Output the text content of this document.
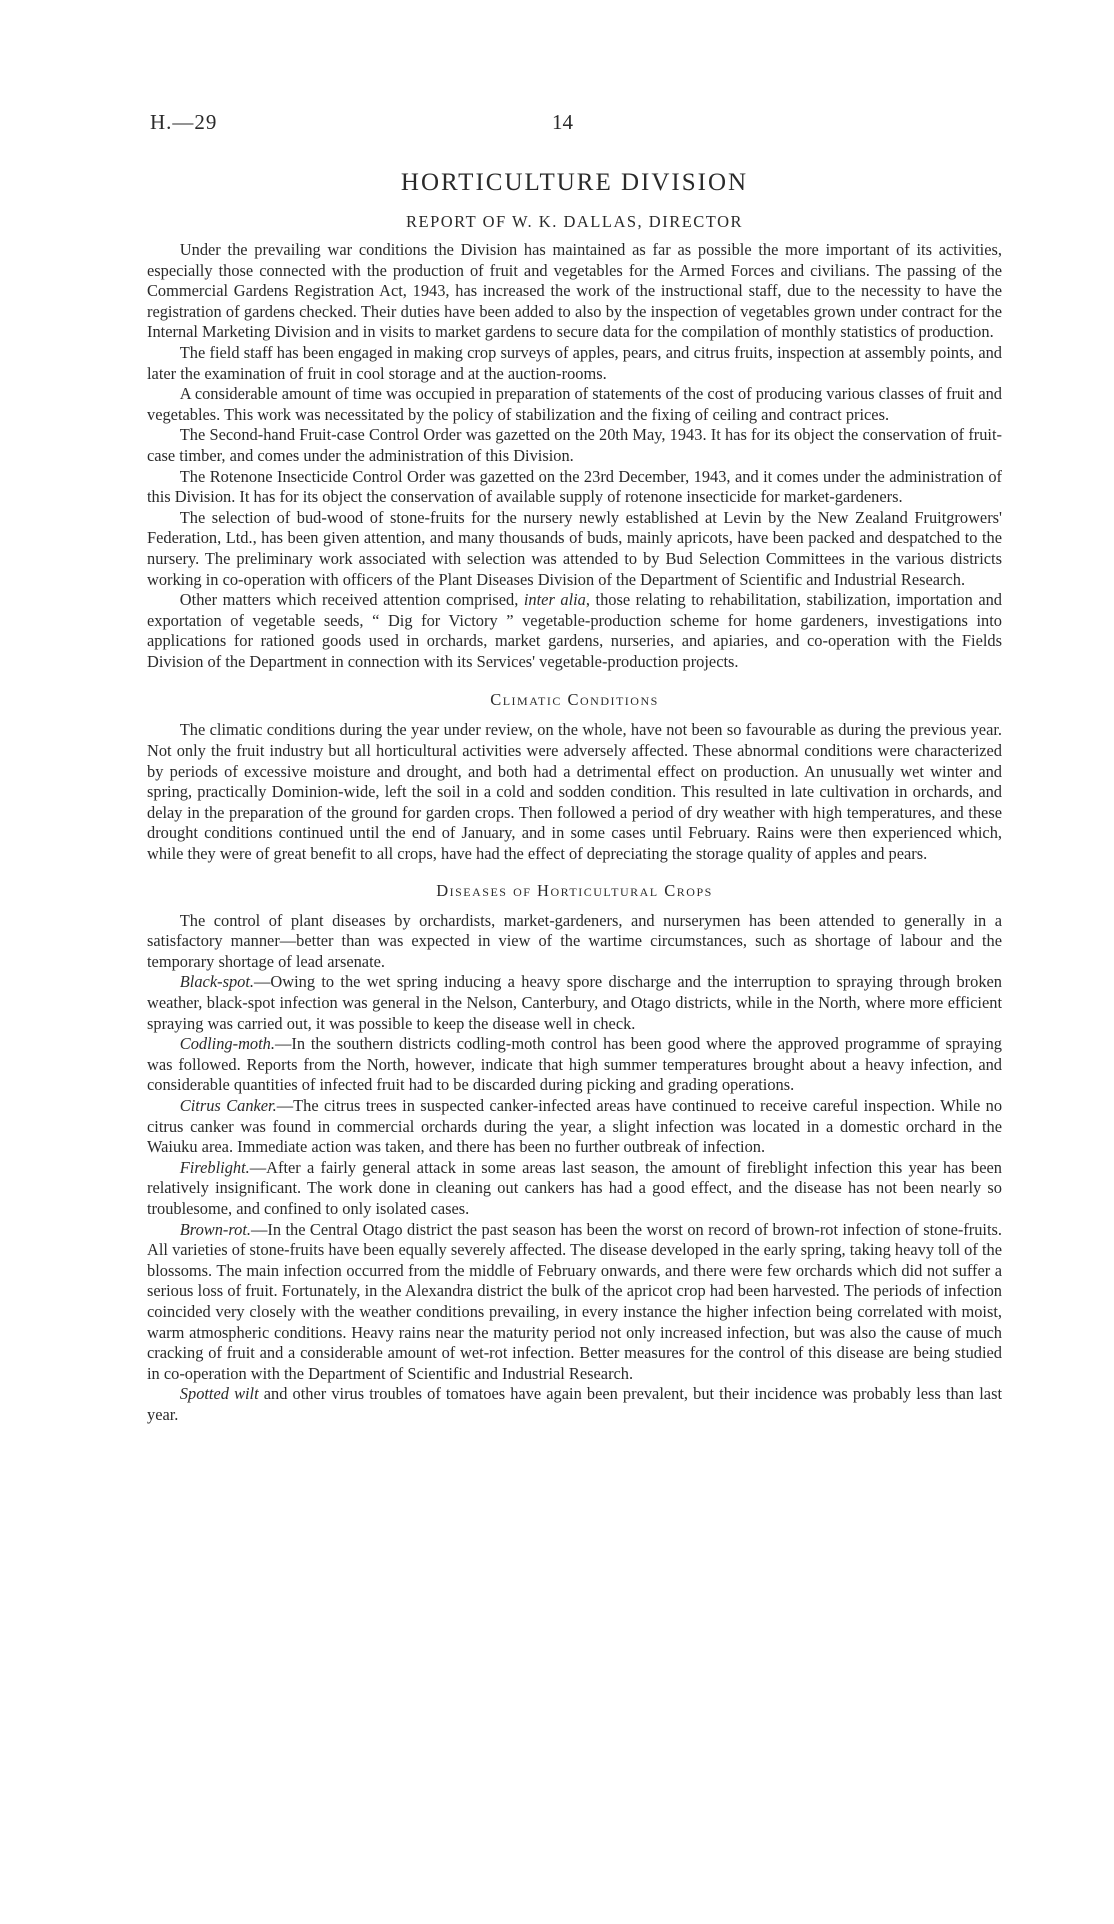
H.—29	14
HORTICULTURE DIVISION
REPORT OF W. K. DALLAS, DIRECTOR

Under the prevailing war conditions the Division has maintained as far as possible the more important of its activities, especially those connected with the production of fruit and vegetables for the Armed Forces and civilians. The passing of the Commercial Gardens Registration Act, 1943, has increased the work of the instructional staff, due to the necessity to have the registration of gardens checked. Their duties have been added to also by the inspection of vegetables grown under contract for the Internal Marketing Division and in visits to market gardens to secure data for the compilation of monthly statistics of production.

The field staff has been engaged in making crop surveys of apples, pears, and citrus fruits, inspection at assembly points, and later the examination of fruit in cool storage and at the auction-rooms.

A considerable amount of time was occupied in preparation of statements of the cost of producing various classes of fruit and vegetables. This work was necessitated by the policy of stabilization and the fixing of ceiling and contract prices.

The Second-hand Fruit-case Control Order was gazetted on the 20th May, 1943. It has for its object the conservation of fruit-case timber, and comes under the administration of this Division.

The Rotenone Insecticide Control Order was gazetted on the 23rd December, 1943, and it comes under the administration of this Division. It has for its object the conservation of available supply of rotenone insecticide for market-gardeners.

The selection of bud-wood of stone-fruits for the nursery newly established at Levin by the New Zealand Fruitgrowers' Federation, Ltd., has been given attention, and many thousands of buds, mainly apricots, have been packed and despatched to the nursery. The preliminary work associated with selection was attended to by Bud Selection Committees in the various districts working in co-operation with officers of the Plant Diseases Division of the Department of Scientific and Industrial Research.

Other matters which received attention comprised, inter alia, those relating to rehabilitation, stabilization, importation and exportation of vegetable seeds, “ Dig for Victory ” vegetable-production scheme for home gardeners, investigations into applications for rationed goods used in orchards, market gardens, nurseries, and apiaries, and co-operation with the Fields Division of the Department in connection with its Services' vegetable-production projects.

Climatic Conditions

The climatic conditions during the year under review, on the whole, have not been so favourable as during the previous year. Not only the fruit industry but all horticultural activities were adversely affected. These abnormal conditions were characterized by periods of excessive moisture and drought, and both had a detrimental effect on production. An unusually wet winter and spring, practically Dominion-wide, left the soil in a cold and sodden condition. This resulted in late cultivation in orchards, and delay in the preparation of the ground for garden crops. Then followed a period of dry weather with high temperatures, and these drought conditions continued until the end of January, and in some cases until February. Rains were then experienced which, while they were of great benefit to all crops, have had the effect of depreciating the storage quality of apples and pears.

Diseases of Horticultural Crops

The control of plant diseases by orchardists, market-gardeners, and nurserymen has been attended to generally in a satisfactory manner—better than was expected in view of the wartime circumstances, such as shortage of labour and the temporary shortage of lead arsenate.

Black-spot.—Owing to the wet spring inducing a heavy spore discharge and the interruption to spraying through broken weather, black-spot infection was general in the Nelson, Canterbury, and Otago districts, while in the North, where more efficient spraying was carried out, it was possible to keep the disease well in check.

Codling-moth.—In the southern districts codling-moth control has been good where the approved programme of spraying was followed. Reports from the North, however, indicate that high summer temperatures brought about a heavy infection, and considerable quantities of infected fruit had to be discarded during picking and grading operations.

Citrus Canker.—The citrus trees in suspected canker-infected areas have continued to receive careful inspection. While no citrus canker was found in commercial orchards during the year, a slight infection was located in a domestic orchard in the Waiuku area. Immediate action was taken, and there has been no further outbreak of infection.

Fireblight.—After a fairly general attack in some areas last season, the amount of fireblight infection this year has been relatively insignificant. The work done in cleaning out cankers has had a good effect, and the disease has not been nearly so troublesome, and confined to only isolated cases.

Brown-rot.—In the Central Otago district the past season has been the worst on record of brown-rot infection of stone-fruits. All varieties of stone-fruits have been equally severely affected. The disease developed in the early spring, taking heavy toll of the blossoms. The main infection occurred from the middle of February onwards, and there were few orchards which did not suffer a serious loss of fruit. Fortunately, in the Alexandra district the bulk of the apricot crop had been harvested. The periods of infection coincided very closely with the weather conditions prevailing, in every instance the higher infection being correlated with moist, warm atmospheric conditions. Heavy rains near the maturity period not only increased infection, but was also the cause of much cracking of fruit and a considerable amount of wet-rot infection. Better measures for the control of this disease are being studied in co-operation with the Department of Scientific and Industrial Research.

Spotted wilt and other virus troubles of tomatoes have again been prevalent, but their incidence was probably less than last year.
